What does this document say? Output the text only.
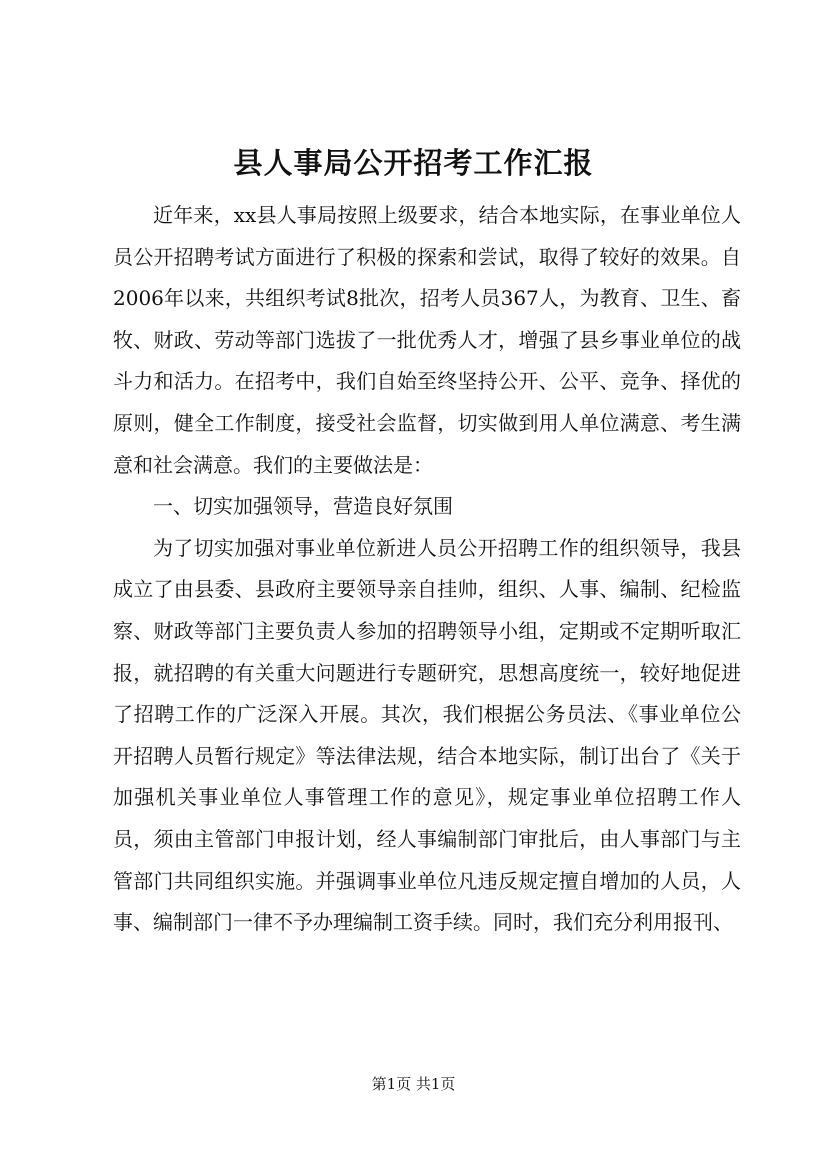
县人事局公开招考工作汇报

近年来，xx县人事局按照上级要求，结合本地实际，在事业单位人员公开招聘考试方面进行了积极的探索和尝试，取得了较好的效果。自2006年以来，共组织考试8批次，招考人员367人，为教育、卫生、畜牧、财政、劳动等部门选拔了一批优秀人才，增强了县乡事业单位的战斗力和活力。在招考中，我们自始至终坚持公开、公平、竞争、择优的原则，健全工作制度，接受社会监督，切实做到用人单位满意、考生满意和社会满意。我们的主要做法是：

一、切实加强领导，营造良好氛围

为了切实加强对事业单位新进人员公开招聘工作的组织领导，我县成立了由县委、县政府主要领导亲自挂帅，组织、人事、编制、纪检监察、财政等部门主要负责人参加的招聘领导小组，定期或不定期听取汇报，就招聘的有关重大问题进行专题研究，思想高度统一，较好地促进了招聘工作的广泛深入开展。其次，我们根据公务员法、《事业单位公开招聘人员暂行规定》等法律法规，结合本地实际，制订出台了《关于加强机关事业单位人事管理工作的意见》，规定事业单位招聘工作人员，须由主管部门申报计划，经人事编制部门审批后，由人事部门与主管部门共同组织实施。并强调事业单位凡违反规定擅自增加的人员，人事、编制部门一律不予办理编制工资手续。同时，我们充分利用报刊、

第1页 共1页
